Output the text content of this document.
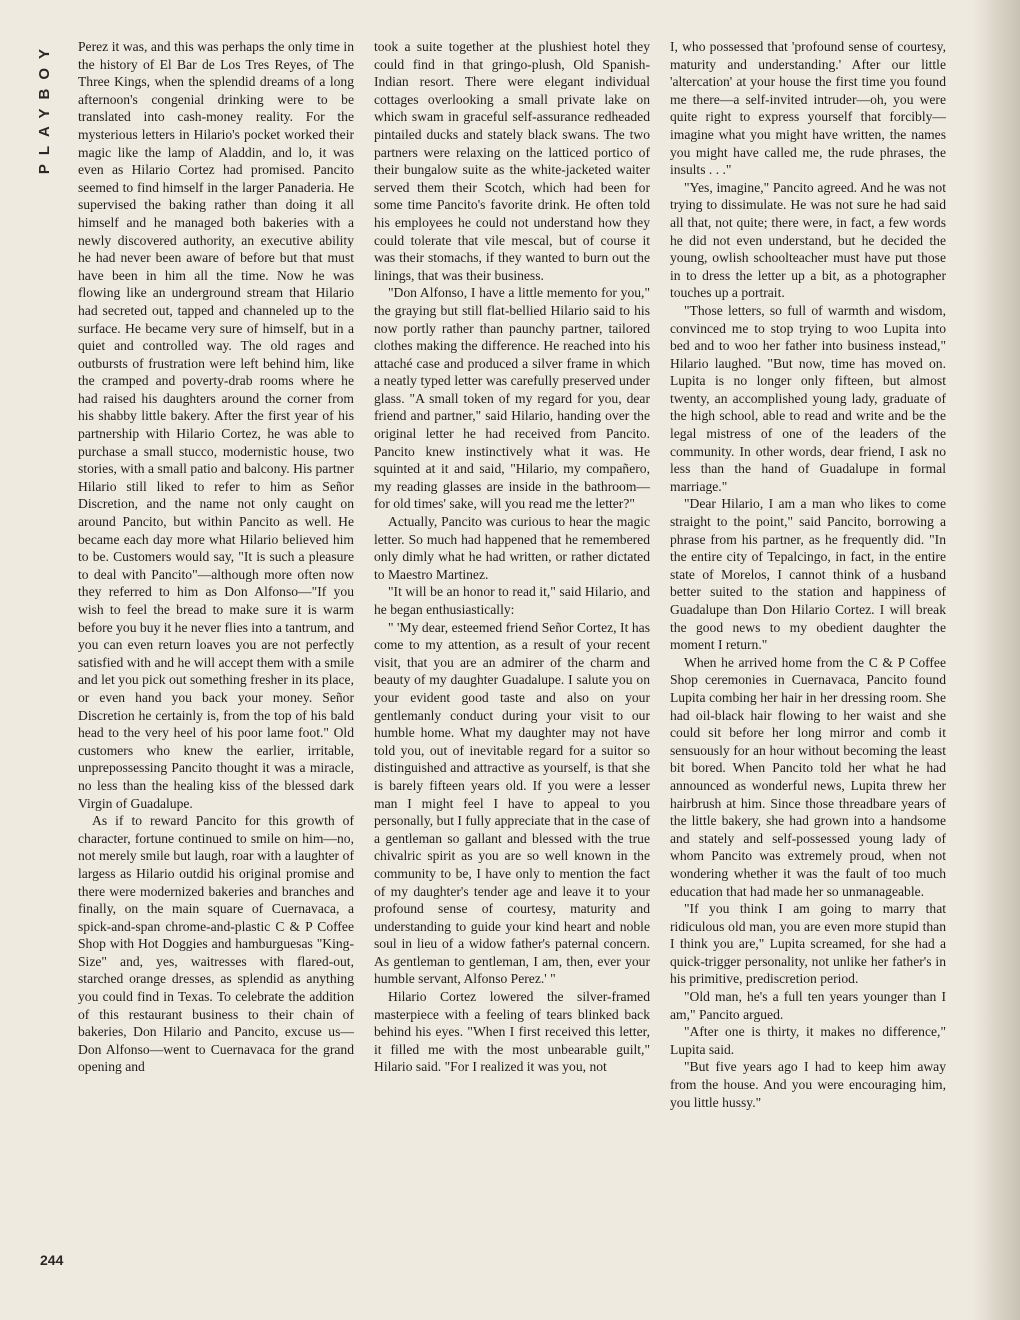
PLAYBOY
244

Perez it was, and this was perhaps the only time in the history of El Bar de Los Tres Reyes, of The Three Kings, when the splendid dreams of a long afternoon's congenial drinking were to be translated into cash-money reality. For the mysterious letters in Hilario's pocket worked their magic like the lamp of Aladdin, and lo, it was even as Hilario Cortez had promised. Pancito seemed to find himself in the larger Panaderia. He supervised the baking rather than doing it all himself and he managed both bakeries with a newly discovered authority, an executive ability he had never been aware of before but that must have been in him all the time. Now he was flowing like an underground stream that Hilario had secreted out, tapped and channeled up to the surface. He became very sure of himself, but in a quiet and controlled way. The old rages and outbursts of frustration were left behind him, like the cramped and poverty-drab rooms where he had raised his daughters around the corner from his shabby little bakery. After the first year of his partnership with Hilario Cortez, he was able to purchase a small stucco, modernistic house, two stories, with a small patio and balcony. His partner Hilario still liked to refer to him as Señor Discretion, and the name not only caught on around Pancito, but within Pancito as well. He became each day more what Hilario believed him to be. Customers would say, "It is such a pleasure to deal with Pancito"—although more often now they referred to him as Don Alfonso—"If you wish to feel the bread to make sure it is warm before you buy it he never flies into a tantrum, and you can even return loaves you are not perfectly satisfied with and he will accept them with a smile and let you pick out something fresher in its place, or even hand you back your money. Señor Discretion he certainly is, from the top of his bald head to the very heel of his poor lame foot." Old customers who knew the earlier, irritable, unprepossessing Pancito thought it was a miracle, no less than the healing kiss of the blessed dark Virgin of Guadalupe.

As if to reward Pancito for this growth of character, fortune continued to smile on him—no, not merely smile but laugh, roar with a laughter of largess as Hilario outdid his original promise and there were modernized bakeries and branches and finally, on the main square of Cuernavaca, a spick-and-span chrome-and-plastic C & P Coffee Shop with Hot Doggies and hamburguesas "King-Size" and, yes, waitresses with flared-out, starched orange dresses, as splendid as anything you could find in Texas. To celebrate the addition of this restaurant business to their chain of bakeries, Don Hilario and Pancito, excuse us—Don Alfonso—went to Cuernavaca for the grand opening and

took a suite together at the plushiest hotel they could find in that gringo-plush, Old Spanish-Indian resort. There were elegant individual cottages overlooking a small private lake on which swam in graceful self-assurance redheaded pintailed ducks and stately black swans. The two partners were relaxing on the latticed portico of their bungalow suite as the white-jacketed waiter served them their Scotch, which had been for some time Pancito's favorite drink. He often told his employees he could not understand how they could tolerate that vile mescal, but of course it was their stomachs, if they wanted to burn out the linings, that was their business.

"Don Alfonso, I have a little memento for you," the graying but still flat-bellied Hilario said to his now portly rather than paunchy partner, tailored clothes making the difference. He reached into his attaché case and produced a silver frame in which a neatly typed letter was carefully preserved under glass. "A small token of my regard for you, dear friend and partner," said Hilario, handing over the original letter he had received from Pancito. Pancito knew instinctively what it was. He squinted at it and said, "Hilario, my compañero, my reading glasses are inside in the bathroom—for old times' sake, will you read me the letter?"

Actually, Pancito was curious to hear the magic letter. So much had happened that he remembered only dimly what he had written, or rather dictated to Maestro Martinez.

"It will be an honor to read it," said Hilario, and he began enthusiastically:

" 'My dear, esteemed friend Señor Cortez, It has come to my attention, as a result of your recent visit, that you are an admirer of the charm and beauty of my daughter Guadalupe. I salute you on your evident good taste and also on your gentlemanly conduct during your visit to our humble home. What my daughter may not have told you, out of inevitable regard for a suitor so distinguished and attractive as yourself, is that she is barely fifteen years old. If you were a lesser man I might feel I have to appeal to you personally, but I fully appreciate that in the case of a gentleman so gallant and blessed with the true chivalric spirit as you are so well known in the community to be, I have only to mention the fact of my daughter's tender age and leave it to your profound sense of courtesy, maturity and understanding to guide your kind heart and noble soul in lieu of a widow father's paternal concern. As gentleman to gentleman, I am, then, ever your humble servant, Alfonso Perez.' "

Hilario Cortez lowered the silver-framed masterpiece with a feeling of tears blinked back behind his eyes. "When I first received this letter, it filled me with the most unbearable guilt," Hilario said. "For I realized it was you, not

I, who possessed that 'profound sense of courtesy, maturity and understanding.' After our little 'altercation' at your house the first time you found me there—a self-invited intruder—oh, you were quite right to express yourself that forcibly—imagine what you might have written, the names you might have called me, the rude phrases, the insults . . ."

"Yes, imagine," Pancito agreed. And he was not trying to dissimulate. He was not sure he had said all that, not quite; there were, in fact, a few words he did not even understand, but he decided the young, owlish schoolteacher must have put those in to dress the letter up a bit, as a photographer touches up a portrait.

"Those letters, so full of warmth and wisdom, convinced me to stop trying to woo Lupita into bed and to woo her father into business instead," Hilario laughed. "But now, time has moved on. Lupita is no longer only fifteen, but almost twenty, an accomplished young lady, graduate of the high school, able to read and write and be the legal mistress of one of the leaders of the community. In other words, dear friend, I ask no less than the hand of Guadalupe in formal marriage."

"Dear Hilario, I am a man who likes to come straight to the point," said Pancito, borrowing a phrase from his partner, as he frequently did. "In the entire city of Tepalcingo, in fact, in the entire state of Morelos, I cannot think of a husband better suited to the station and happiness of Guadalupe than Don Hilario Cortez. I will break the good news to my obedient daughter the moment I return."

When he arrived home from the C & P Coffee Shop ceremonies in Cuernavaca, Pancito found Lupita combing her hair in her dressing room. She had oil-black hair flowing to her waist and she could sit before her long mirror and comb it sensuously for an hour without becoming the least bit bored. When Pancito told her what he had announced as wonderful news, Lupita threw her hairbrush at him. Since those threadbare years of the little bakery, she had grown into a handsome and stately and self-possessed young lady of whom Pancito was extremely proud, when not wondering whether it was the fault of too much education that had made her so unmanageable.

"If you think I am going to marry that ridiculous old man, you are even more stupid than I think you are," Lupita screamed, for she had a quick-trigger personality, not unlike her father's in his primitive, prediscretion period.

"Old man, he's a full ten years younger than I am," Pancito argued.

"After one is thirty, it makes no difference," Lupita said.

"But five years ago I had to keep him away from the house. And you were encouraging him, you little hussy."
